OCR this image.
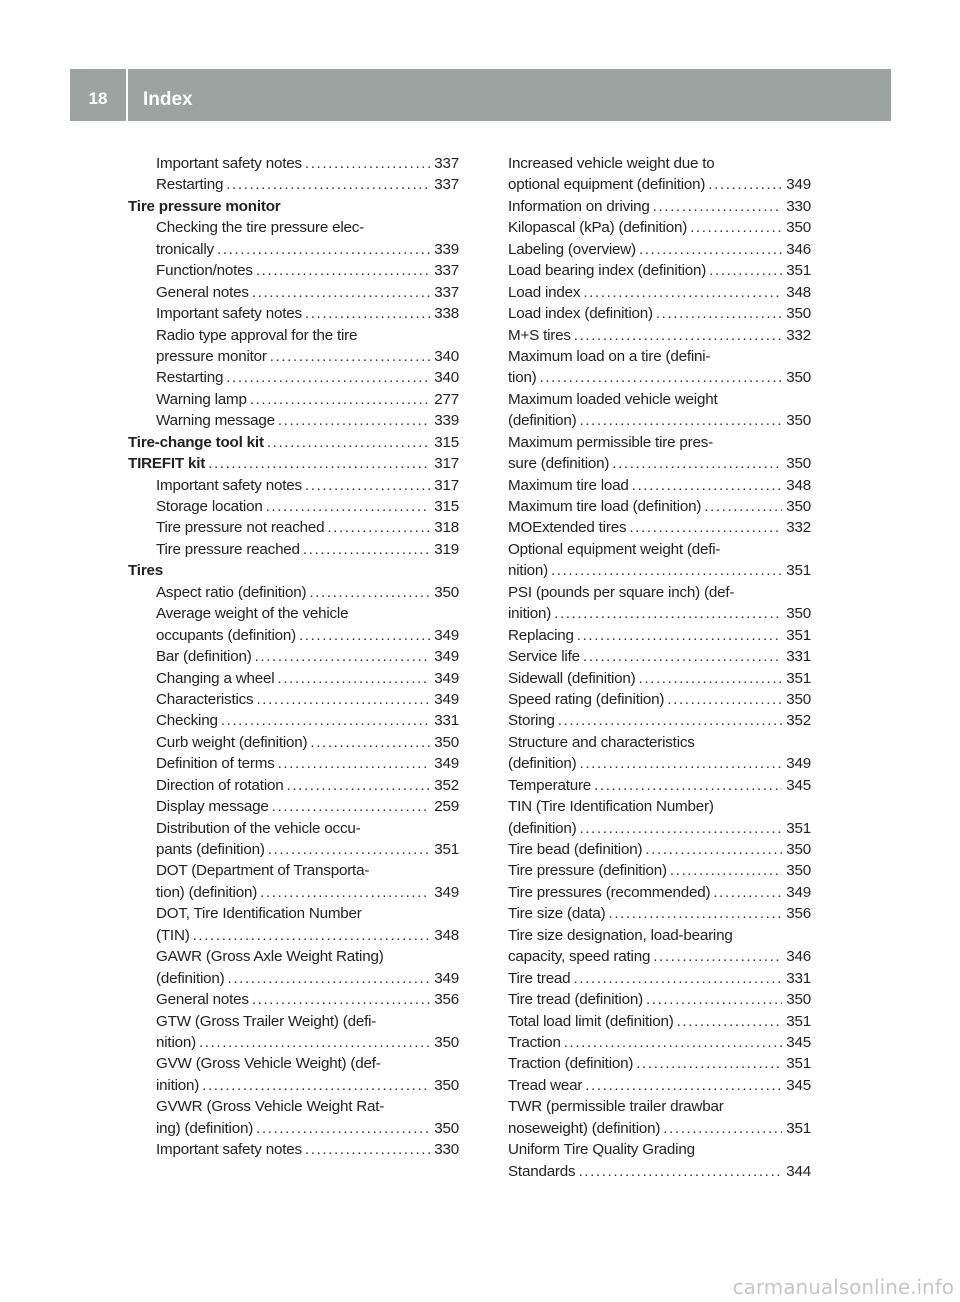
18	Index
Important safety notes .....	337
Restarting .....	337
Tire pressure monitor
Checking the tire pressure elec-
tronically .....	339
Function/notes .....	337
General notes .....	337
Important safety notes .....	338
Radio type approval for the tire
pressure monitor .....	340
Restarting .....	340
Warning lamp .....	277
Warning message .....	339
Tire-change tool kit .....	315
TIREFIT kit .....	317
Important safety notes .....	317
Storage location .....	315
Tire pressure not reached .....	318
Tire pressure reached .....	319
Tires
Aspect ratio (definition) .....	350
Average weight of the vehicle
occupants (definition) .....	349
Bar (definition) .....	349
Changing a wheel .....	349
Characteristics .....	349
Checking .....	331
Curb weight (definition) .....	350
Definition of terms .....	349
Direction of rotation .....	352
Display message .....	259
Distribution of the vehicle occu-
pants (definition) .....	351
DOT (Department of Transporta-
tion) (definition) .....	349
DOT, Tire Identification Number
(TIN) .....	348
GAWR (Gross Axle Weight Rating)
(definition) .....	349
General notes .....	356
GTW (Gross Trailer Weight) (defi-
nition) .....	350
GVW (Gross Vehicle Weight) (def-
inition) .....	350
GVWR (Gross Vehicle Weight Rat-
ing) (definition) .....	350
Important safety notes .....	330
Increased vehicle weight due to
optional equipment (definition) .....	349
Information on driving .....	330
Kilopascal (kPa) (definition) .....	350
Labeling (overview) .....	346
Load bearing index (definition) .....	351
Load index .....	348
Load index (definition) .....	350
M+S tires .....	332
Maximum load on a tire (defini-
tion) .....	350
Maximum loaded vehicle weight
(definition) .....	350
Maximum permissible tire pres-
sure (definition) .....	350
Maximum tire load .....	348
Maximum tire load (definition) .....	350
MOExtended tires .....	332
Optional equipment weight (defi-
nition) .....	351
PSI (pounds per square inch) (def-
inition) .....	350
Replacing .....	351
Service life .....	331
Sidewall (definition) .....	351
Speed rating (definition) .....	350
Storing .....	352
Structure and characteristics
(definition) .....	349
Temperature .....	345
TIN (Tire Identification Number)
(definition) .....	351
Tire bead (definition) .....	350
Tire pressure (definition) .....	350
Tire pressures (recommended) .....	349
Tire size (data) .....	356
Tire size designation, load-bearing
capacity, speed rating .....	346
Tire tread .....	331
Tire tread (definition) .....	350
Total load limit (definition) .....	351
Traction .....	345
Traction (definition) .....	351
Tread wear .....	345
TWR (permissible trailer drawbar
noseweight) (definition) .....	351
Uniform Tire Quality Grading
Standards .....	344
carmanualsonline.info
